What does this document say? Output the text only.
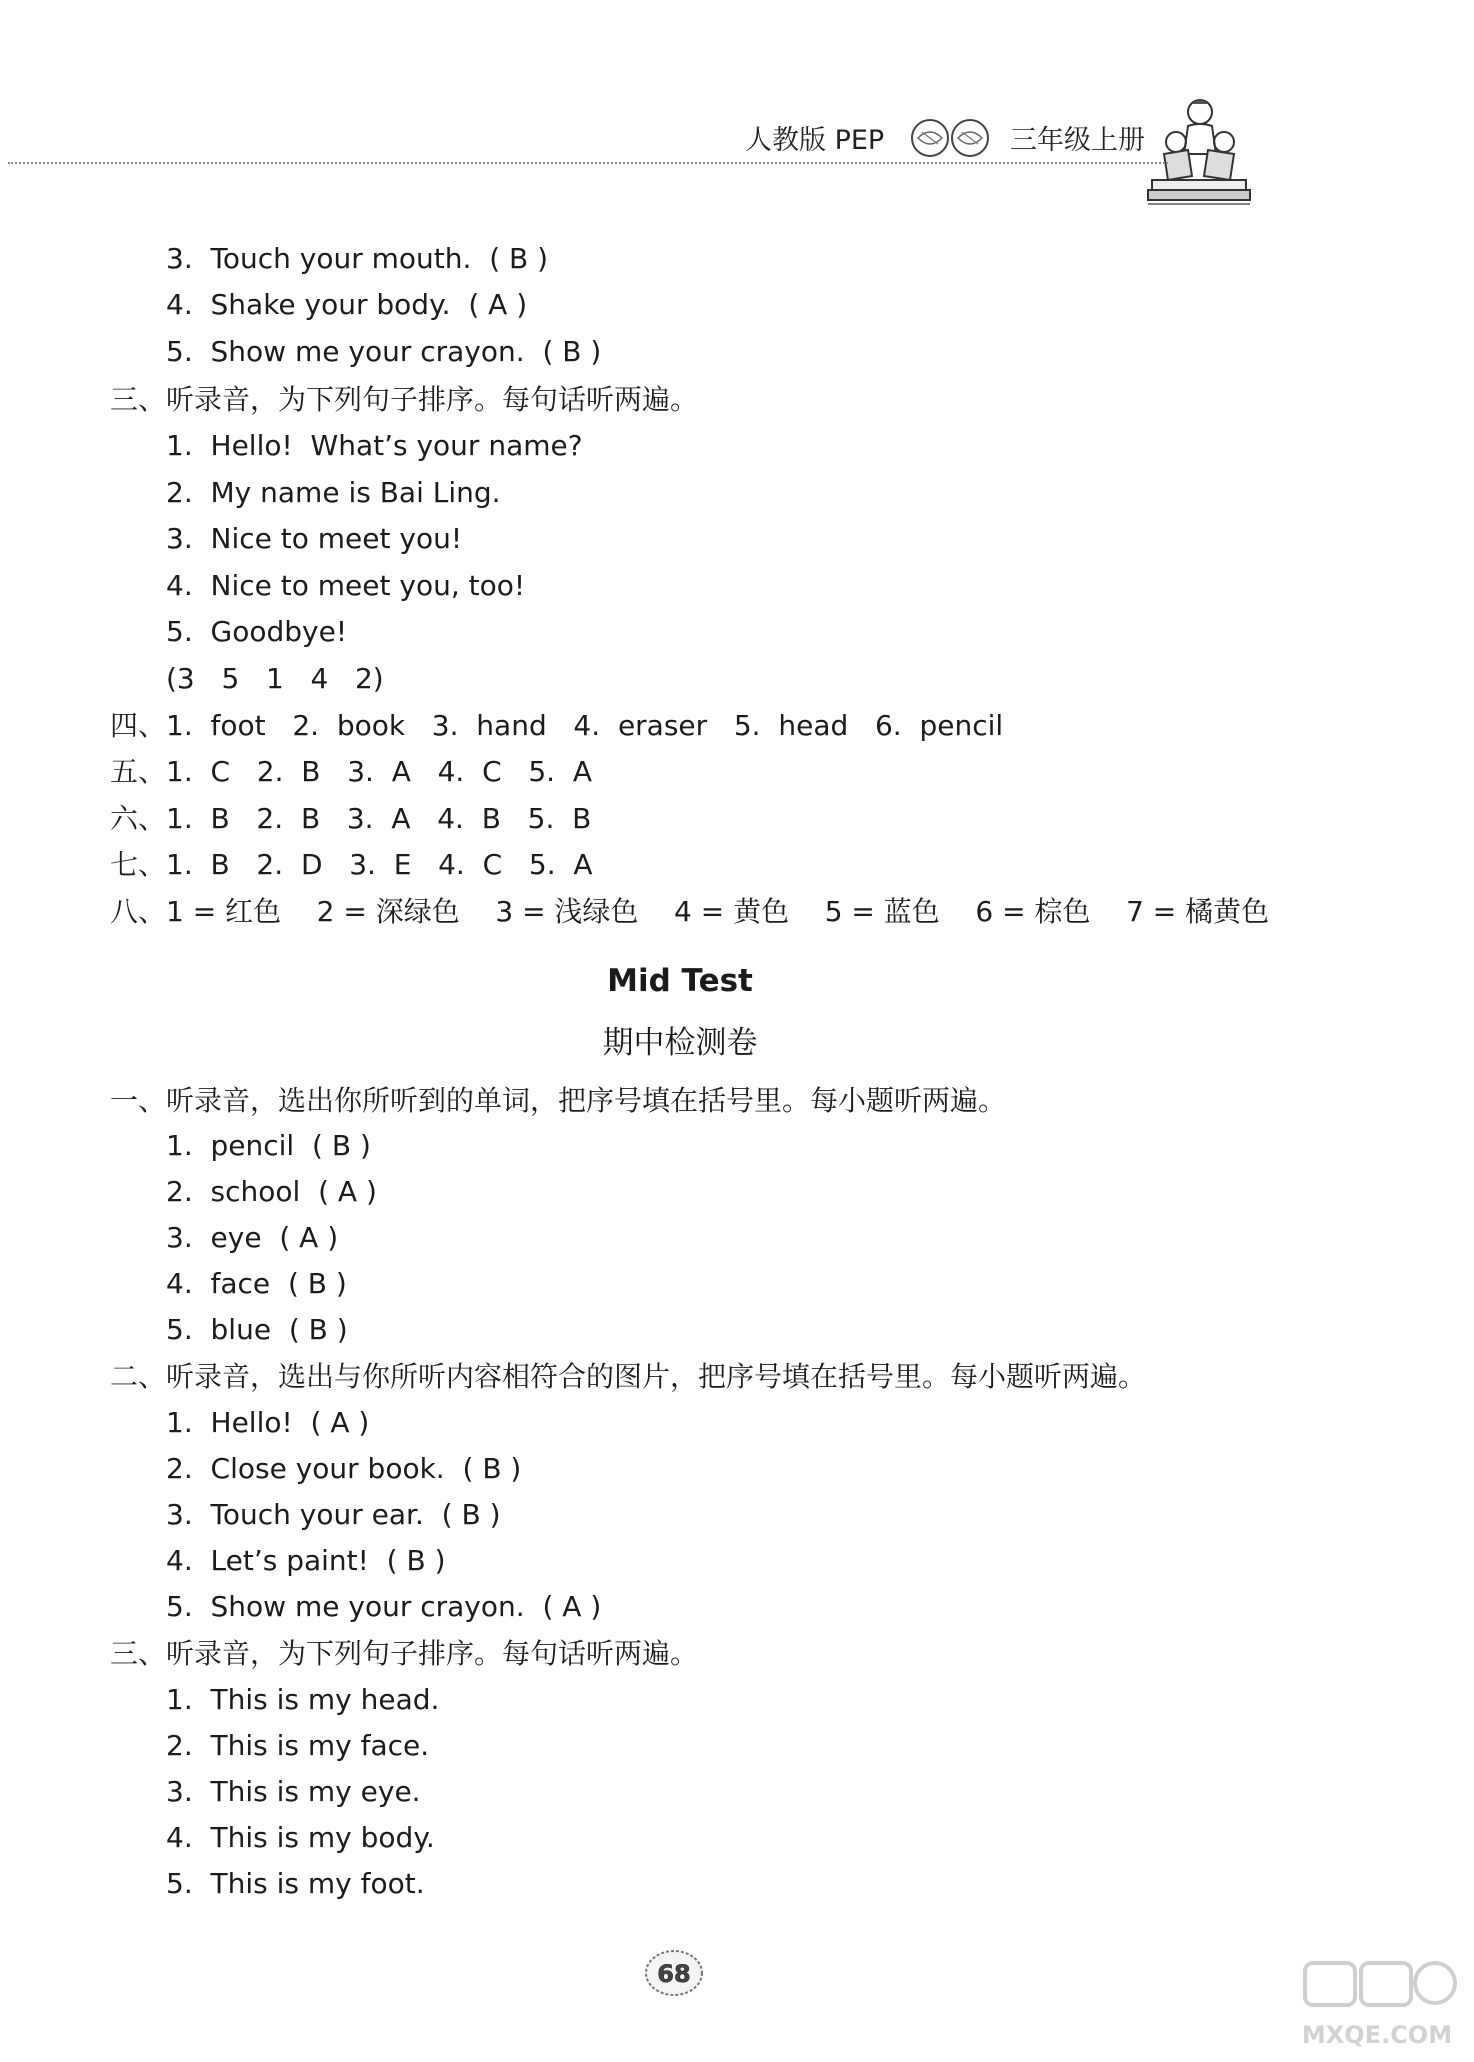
人教版 PEP	三年级上册
3.  Touch your mouth.  ( B )
4.  Shake your body.  ( A )
5.  Show me your crayon.  ( B )
三、听录音，为下列句子排序。每句话听两遍。
1.  Hello!  What’s your name?
2.  My name is Bai Ling.
3.  Nice to meet you!
4.  Nice to meet you, too!
5.  Goodbye!
(3   5   1   4   2)
四、1.  foot   2.  book   3.  hand   4.  eraser   5.  head   6.  pencil
五、1.  C   2.  B   3.  A   4.  C   5.  A
六、1.  B   2.  B   3.  A   4.  B   5.  B
七、1.  B   2.  D   3.  E   4.  C   5.  A
八、1 = 红色    2 = 深绿色    3 = 浅绿色    4 = 黄色    5 = 蓝色    6 = 棕色    7 = 橘黄色
Mid Test
期中检测卷
一、听录音，选出你所听到的单词，把序号填在括号里。每小题听两遍。
1.  pencil  ( B )
2.  school  ( A )
3.  eye  ( A )
4.  face  ( B )
5.  blue  ( B )
二、听录音，选出与你所听内容相符合的图片，把序号填在括号里。每小题听两遍。
1.  Hello!  ( A )
2.  Close your book.  ( B )
3.  Touch your ear.  ( B )
4.  Let’s paint!  ( B )
5.  Show me your crayon.  ( A )
三、听录音，为下列句子排序。每句话听两遍。
1.  This is my head.
2.  This is my face.
3.  This is my eye.
4.  This is my body.
5.  This is my foot.
68
MXQE.COM
